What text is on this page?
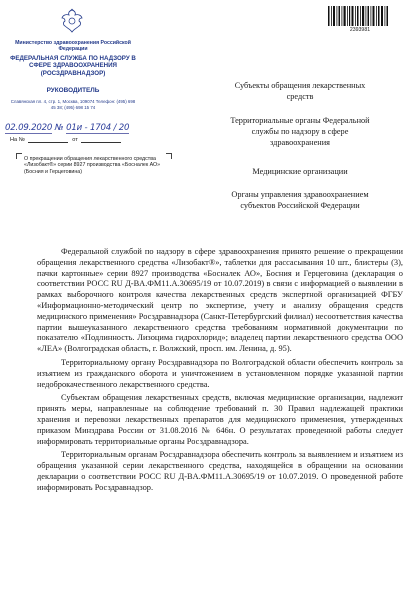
Министерство здравоохранения Российской Федерации
ФЕДЕРАЛЬНАЯ СЛУЖБА ПО НАДЗОРУ В СФЕРЕ ЗДРАВООХРАНЕНИЯ (РОСЗДРАВНАДЗОР)
РУКОВОДИТЕЛЬ
Славянская пл. 4, стр. 1, Москва, 109074 Телефон: (495) 698 45 38; (495) 698 15 74
02.09.2020 № 01и - 1704 / 20
На №	от
О прекращении обращения лекарственного средства «Лизобакт®» серии 8927 производства «Босналек АО» (Босния и Герцеговина)
2393981
Субъекты обращения лекарственных средств
Территориальные органы Федеральной службы по надзору в сфере здравоохранения
Медицинские организации
Органы управления здравоохранением субъектов Российской Федерации

Федеральной службой по надзору в сфере здравоохранения принято решение о прекращении обращения лекарственного средства «Лизобакт®», таблетки для рассасывания 10 шт., блистеры (3), пачки картонные» серии 8927 производства «Босналек АО», Босния и Герцеговина (декларация о соответствии РОСС RU Д-BA.ФМ11.А.30695/19 от 10.07.2019) в связи с информацией о выявлении в рамках выборочного контроля качества лекарственных средств экспертной организацией ФГБУ «Информационно-методический центр по экспертизе, учету и анализу обращения средств медицинского применения» Росздравнадзора (Санкт-Петербургский филиал) несоответствия качества партии вышеуказанного лекарственного средства требованиям нормативной документации по показателю «Подлинность. Лизоцима гидрохлорид»; владелец партии лекарственного средства ООО «ЛЕА» (Волгоградская область, г. Волжский, просп. им. Ленина, д. 95).

Территориальному органу Росздравнадзора по Волгоградской области обеспечить контроль за изъятием из гражданского оборота и уничтожением в установленном порядке указанной партии недоброкачественного лекарственного средства.

Субъектам обращения лекарственных средств, включая медицинские организации, надлежит принять меры, направленные на соблюдение требований п. 30 Правил надлежащей практики хранения и перевозки лекарственных препаратов для медицинского применения, утвержденных приказом Минздрава России от 31.08.2016 № 646н. О результатах проведенной работы следует информировать территориальные органы Росздравнадзора.

Территориальным органам Росздравнадзора обеспечить контроль за выявлением и изъятием из обращения указанной серии лекарственного средства, находящейся в обращении на основании декларации о соответствии РОСС RU Д-BA.ФМ11.А.30695/19 от 10.07.2019. О проведенной работе информировать Росздравнадзор.
